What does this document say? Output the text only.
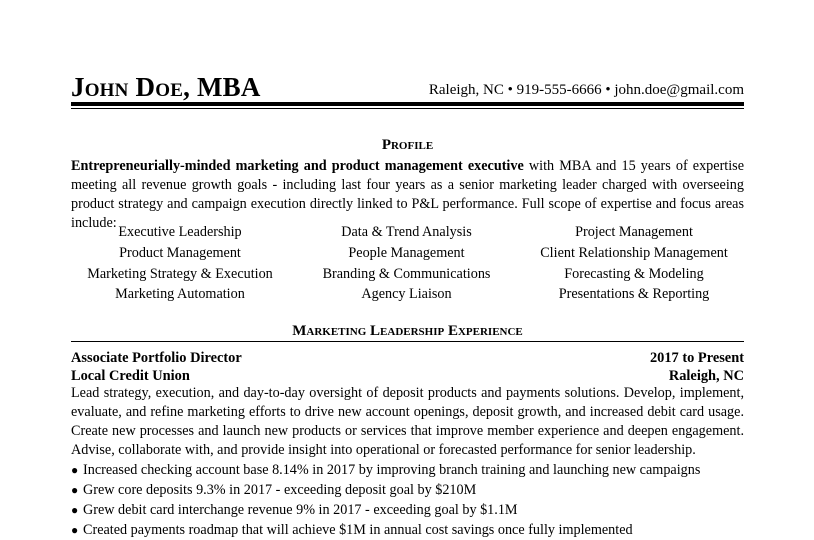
John Doe, MBA	Raleigh, NC • 919-555-6666 • john.doe@gmail.com
Profile
Entrepreneurially-minded marketing and product management executive with MBA and 15 years of expertise meeting all revenue growth goals - including last four years as a senior marketing leader charged with overseeing product strategy and campaign execution directly linked to P&L performance. Full scope of expertise and focus areas include:
Executive Leadership	Data & Trend Analysis	Project Management
Product Management	People Management	Client Relationship Management
Marketing Strategy & Execution	Branding & Communications	Forecasting & Modeling
Marketing Automation	Agency Liaison	Presentations & Reporting
Marketing Leadership Experience
Associate Portfolio Director	2017 to Present
Local Credit Union	Raleigh, NC
Lead strategy, execution, and day-to-day oversight of deposit products and payments solutions. Develop, implement, evaluate, and refine marketing efforts to drive new account openings, deposit growth, and increased debit card usage. Create new processes and launch new products or services that improve member experience and deepen engagement. Advise, collaborate with, and provide insight into operational or forecasted performance for senior leadership.
● Increased checking account base 8.14% in 2017 by improving branch training and launching new campaigns
● Grew core deposits 9.3% in 2017 - exceeding deposit goal by $210M
● Grew debit card interchange revenue 9% in 2017 - exceeding goal by $1.1M
● Created payments roadmap that will achieve $1M in annual cost savings once fully implemented
